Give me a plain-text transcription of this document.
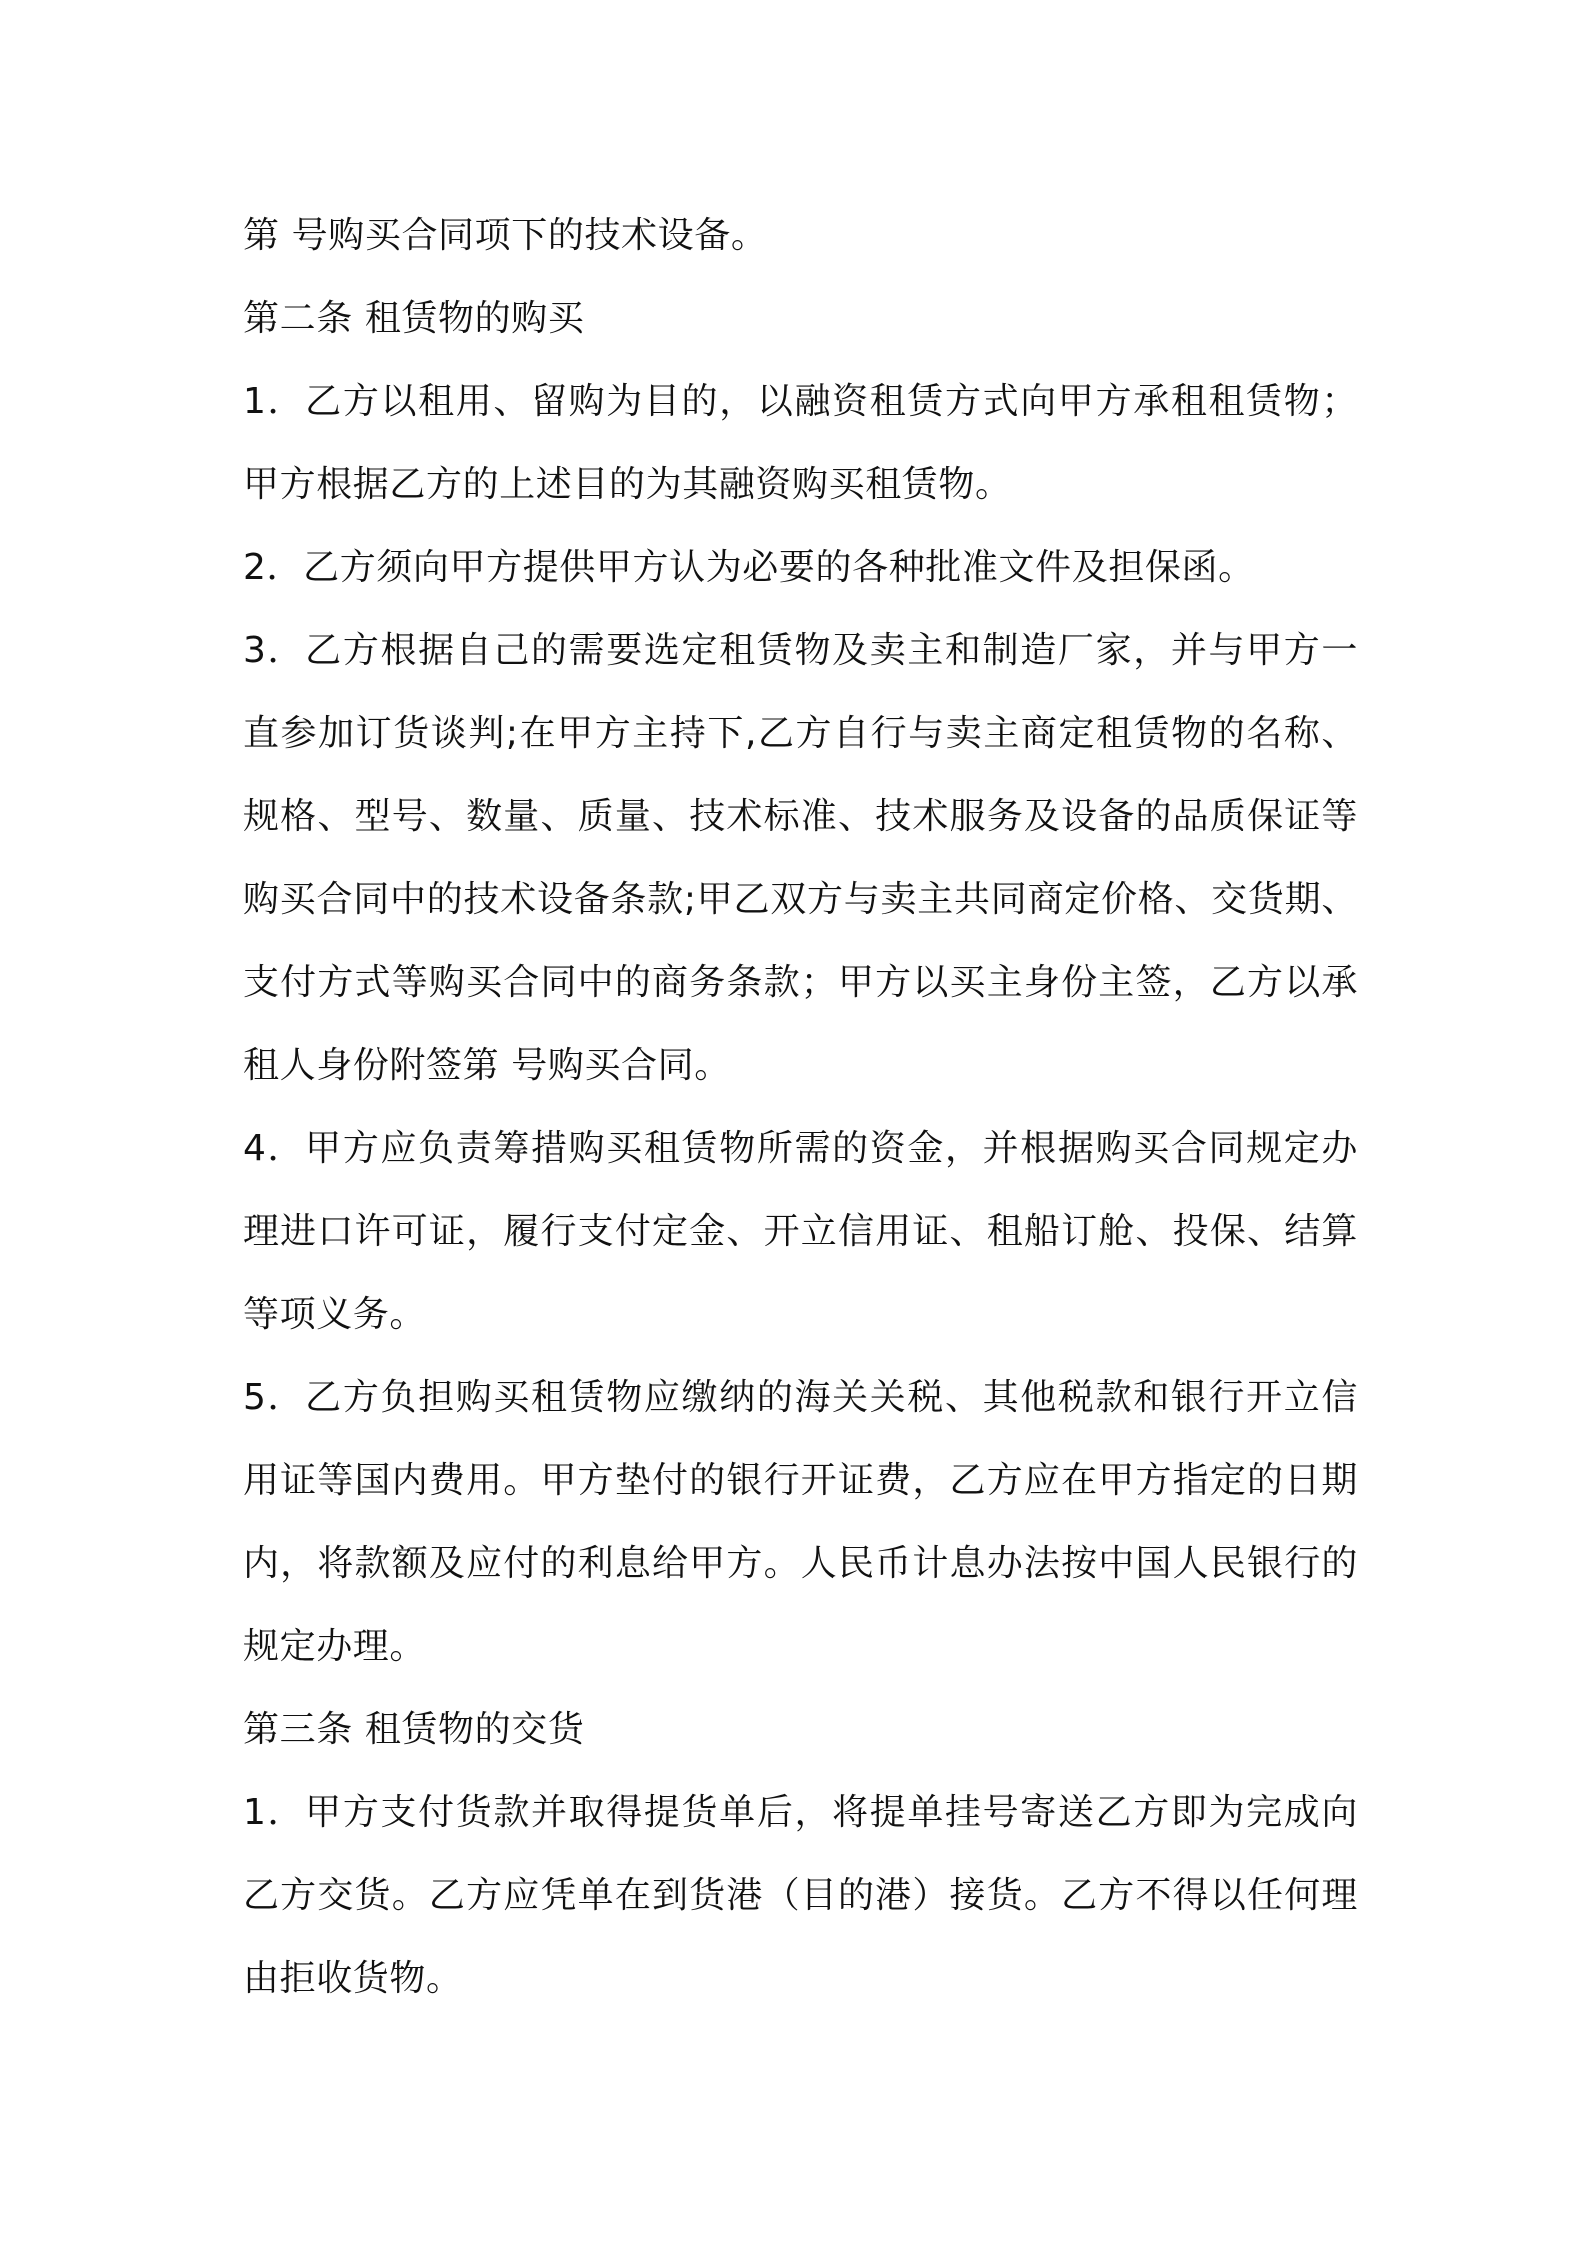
第 号购买合同项下的技术设备。

第二条 租赁物的购买

1．乙方以租用、留购为目的，以融资租赁方式向甲方承租租赁物；甲方根据乙方的上述目的为其融资购买租赁物。

2．乙方须向甲方提供甲方认为必要的各种批准文件及担保函。

3．乙方根据自己的需要选定租赁物及卖主和制造厂家，并与甲方一直参加订货谈判;在甲方主持下,乙方自行与卖主商定租赁物的名称、规格、型号、数量、质量、技术标准、技术服务及设备的品质保证等购买合同中的技术设备条款;甲乙双方与卖主共同商定价格、交货期、支付方式等购买合同中的商务条款；甲方以买主身份主签，乙方以承租人身份附签第 号购买合同。

4．甲方应负责筹措购买租赁物所需的资金，并根据购买合同规定办理进口许可证，履行支付定金、开立信用证、租船订舱、投保、结算等项义务。

5．乙方负担购买租赁物应缴纳的海关关税、其他税款和银行开立信用证等国内费用。甲方垫付的银行开证费，乙方应在甲方指定的日期内，将款额及应付的利息给甲方。人民币计息办法按中国人民银行的规定办理。

第三条 租赁物的交货

1．甲方支付货款并取得提货单后，将提单挂号寄送乙方即为完成向乙方交货。乙方应凭单在到货港（目的港）接货。乙方不得以任何理由拒收货物。
